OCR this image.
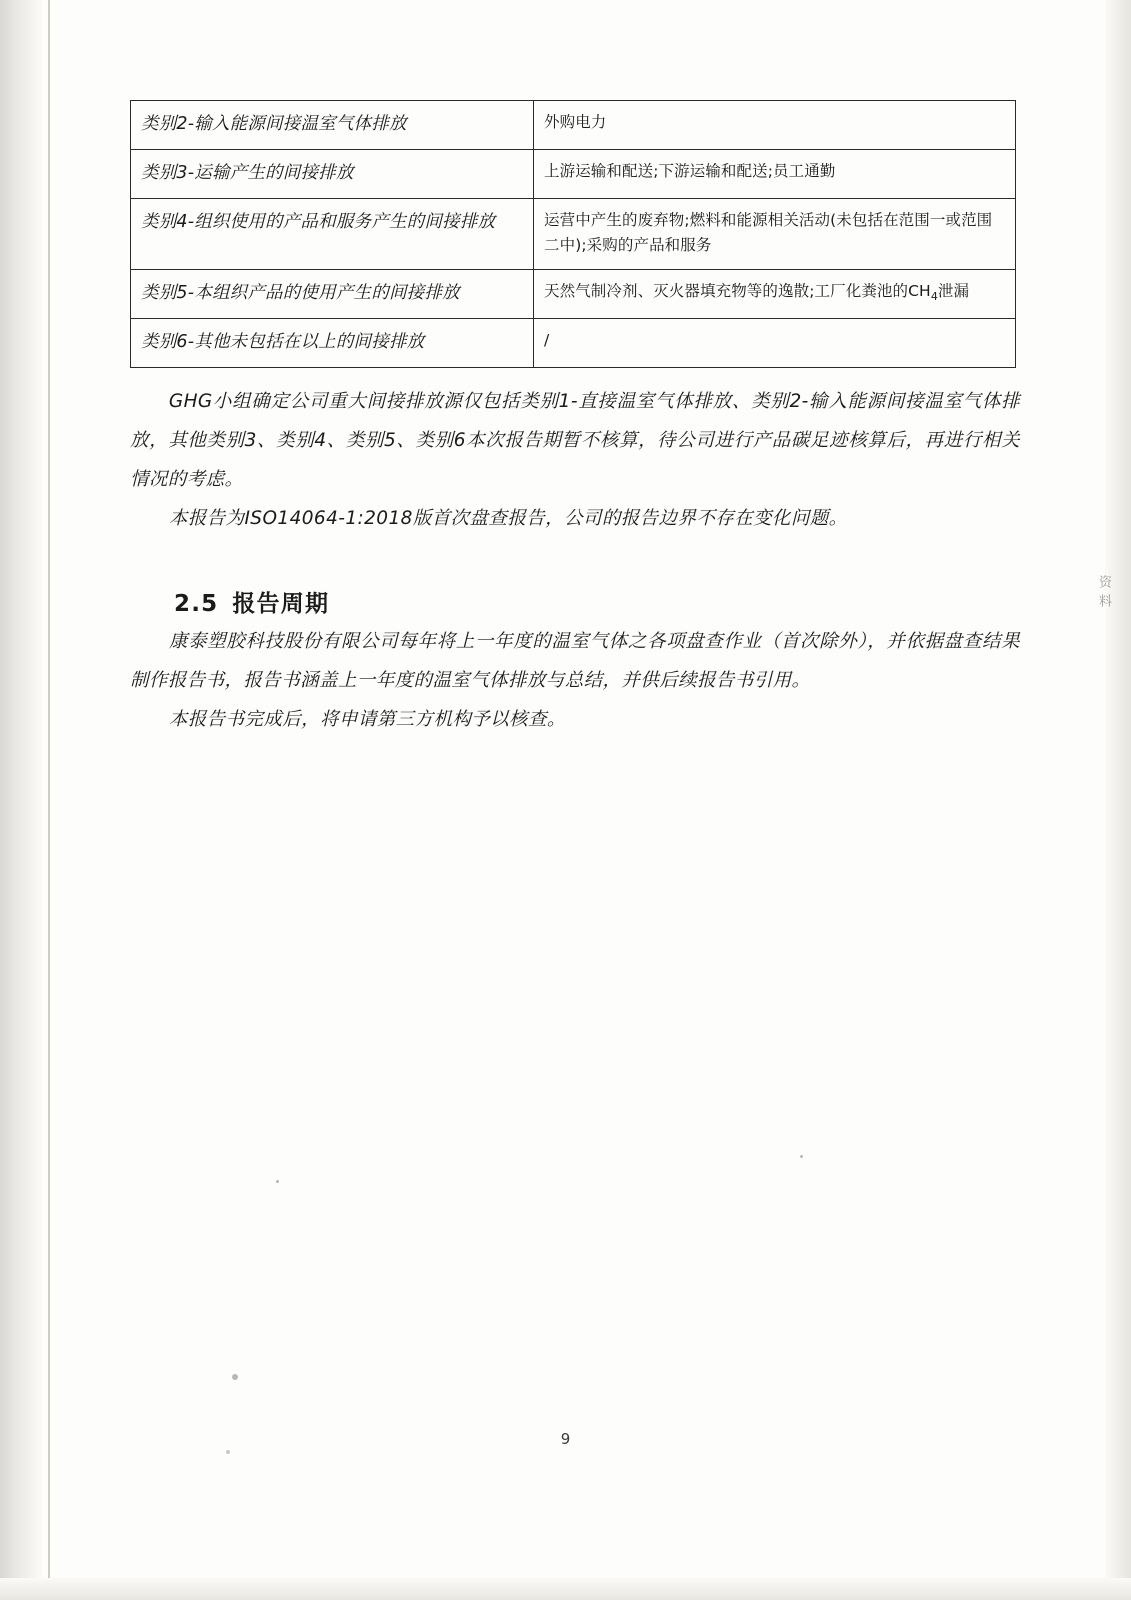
资料
类别2-输入能源间接温室气体排放	外购电力
类别3-运输产生的间接排放	上游运输和配送;下游运输和配送;员工通勤
类别4-组织使用的产品和服务产生的间接排放	运营中产生的废弃物;燃料和能源相关活动(未包括在范围一或范围二中);采购的产品和服务
类别5-本组织产品的使用产生的间接排放	天然气制冷剂、灭火器填充物等的逸散;工厂化粪池的$CH_4$泄漏
类别6-其他未包括在以上的间接排放	/

GHG小组确定公司重大间接排放源仅包括类别1-直接温室气体排放、类别2-输入能源间接温室气体排放，其他类别3、类别4、类别5、类别6本次报告期暂不核算，待公司进行产品碳足迹核算后，再进行相关情况的考虑。

本报告为ISO14064-1:2018版首次盘查报告，公司的报告边界不存在变化问题。

2.5 报告周期

康泰塑胶科技股份有限公司每年将上一年度的温室气体之各项盘查作业（首次除外），并依据盘查结果制作报告书，报告书涵盖上一年度的温室气体排放与总结，并供后续报告书引用。

本报告书完成后，将申请第三方机构予以核查。

9
